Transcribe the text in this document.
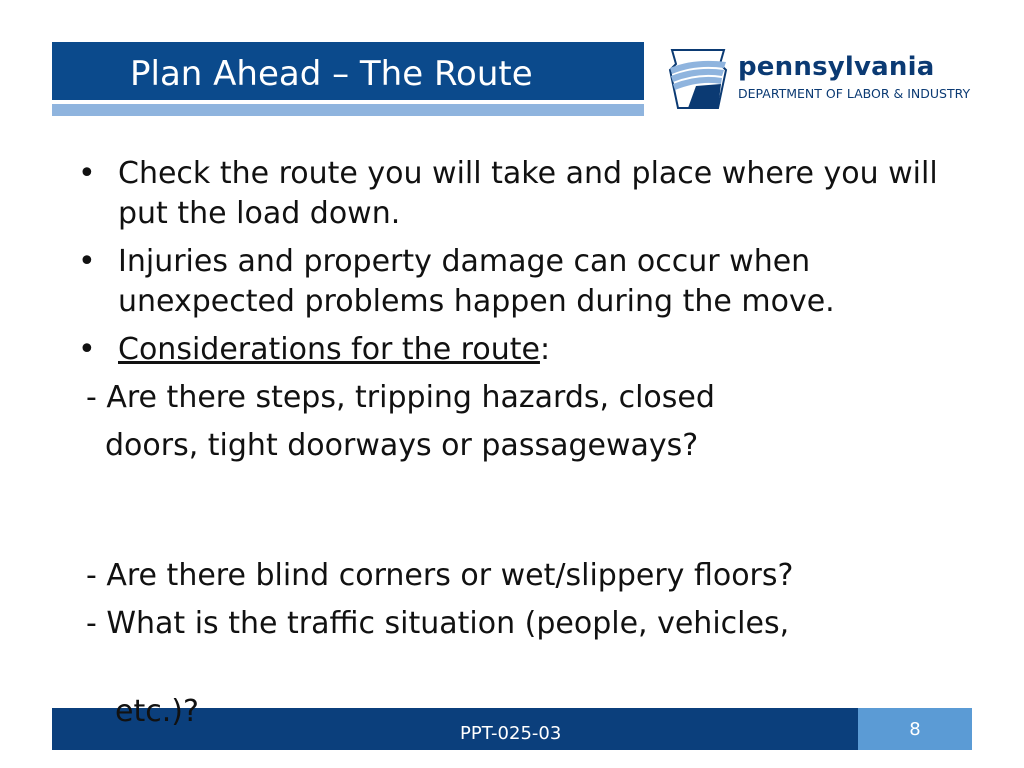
Plan Ahead – The Route	pennsylvania
DEPARTMENT OF LABOR & INDUSTRY
• Check the route you will take and place where you will put the load down.
• Injuries and property damage can occur when unexpected problems happen during the move.
• Considerations for the route:
- Are there steps, tripping hazards, closed
doors, tight doorways or passageways?
- Are there blind corners or wet/slippery floors?
- What is the traffic situation (people, vehicles,
PPT-025-03	8
etc.)?
